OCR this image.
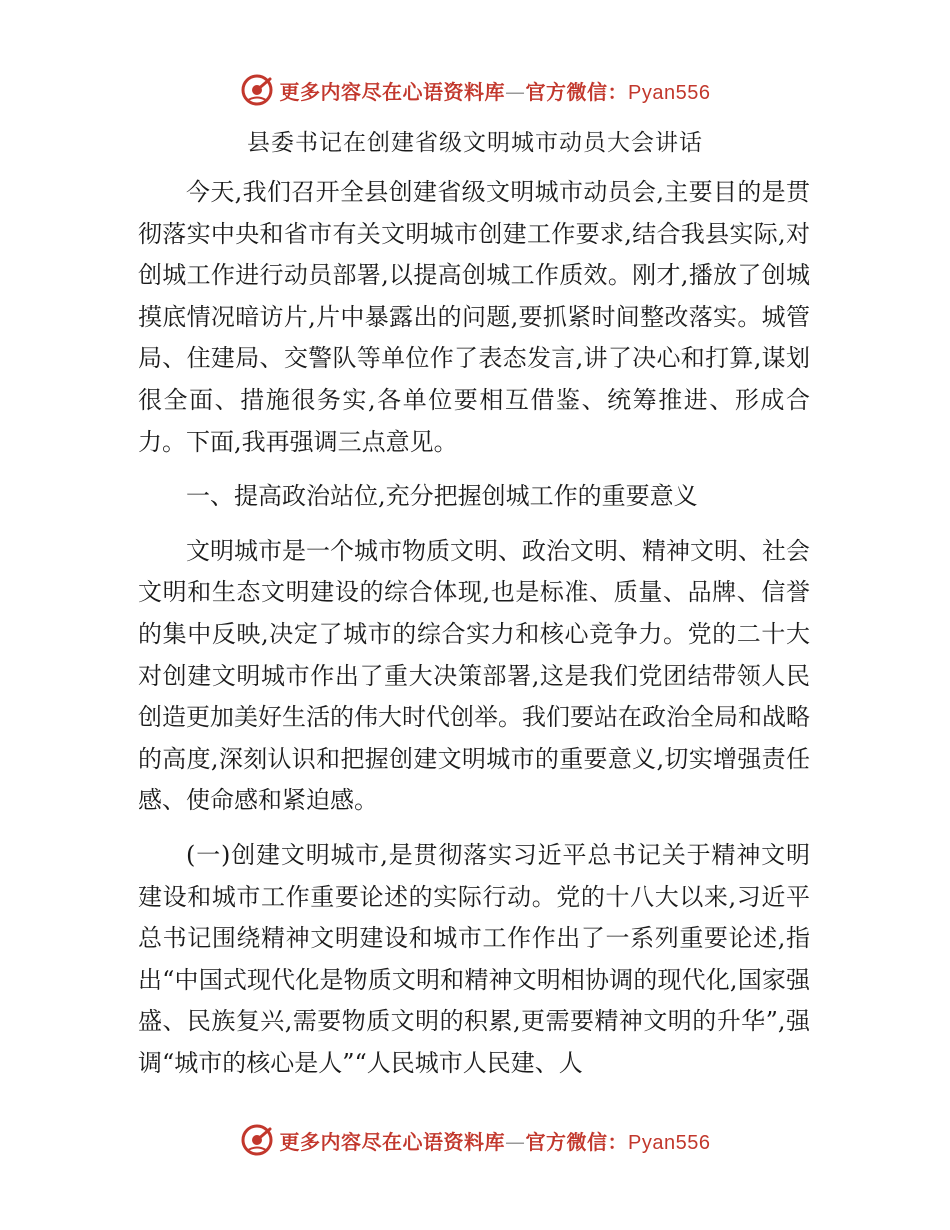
更多内容尽在心语资料库—官方微信：Pyan556
县委书记在创建省级文明城市动员大会讲话

今天,我们召开全县创建省级文明城市动员会,主要目的是贯彻落实中央和省市有关文明城市创建工作要求,结合我县实际,对创城工作进行动员部署,以提高创城工作质效。刚才,播放了创城摸底情况暗访片,片中暴露出的问题,要抓紧时间整改落实。城管局、住建局、交警队等单位作了表态发言,讲了决心和打算,谋划很全面、措施很务实,各单位要相互借鉴、统筹推进、形成合力。下面,我再强调三点意见。

一、提高政治站位,充分把握创城工作的重要意义

文明城市是一个城市物质文明、政治文明、精神文明、社会文明和生态文明建设的综合体现,也是标准、质量、品牌、信誉的集中反映,决定了城市的综合实力和核心竞争力。党的二十大对创建文明城市作出了重大决策部署,这是我们党团结带领人民创造更加美好生活的伟大时代创举。我们要站在政治全局和战略的高度,深刻认识和把握创建文明城市的重要意义,切实增强责任感、使命感和紧迫感。

(一)创建文明城市,是贯彻落实习近平总书记关于精神文明建设和城市工作重要论述的实际行动。党的十八大以来,习近平总书记围绕精神文明建设和城市工作作出了一系列重要论述,指出“中国式现代化是物质文明和精神文明相协调的现代化,国家强盛、民族复兴,需要物质文明的积累,更需要精神文明的升华”,强调“城市的核心是人”“人民城市人民建、人

更多内容尽在心语资料库—官方微信：Pyan556
